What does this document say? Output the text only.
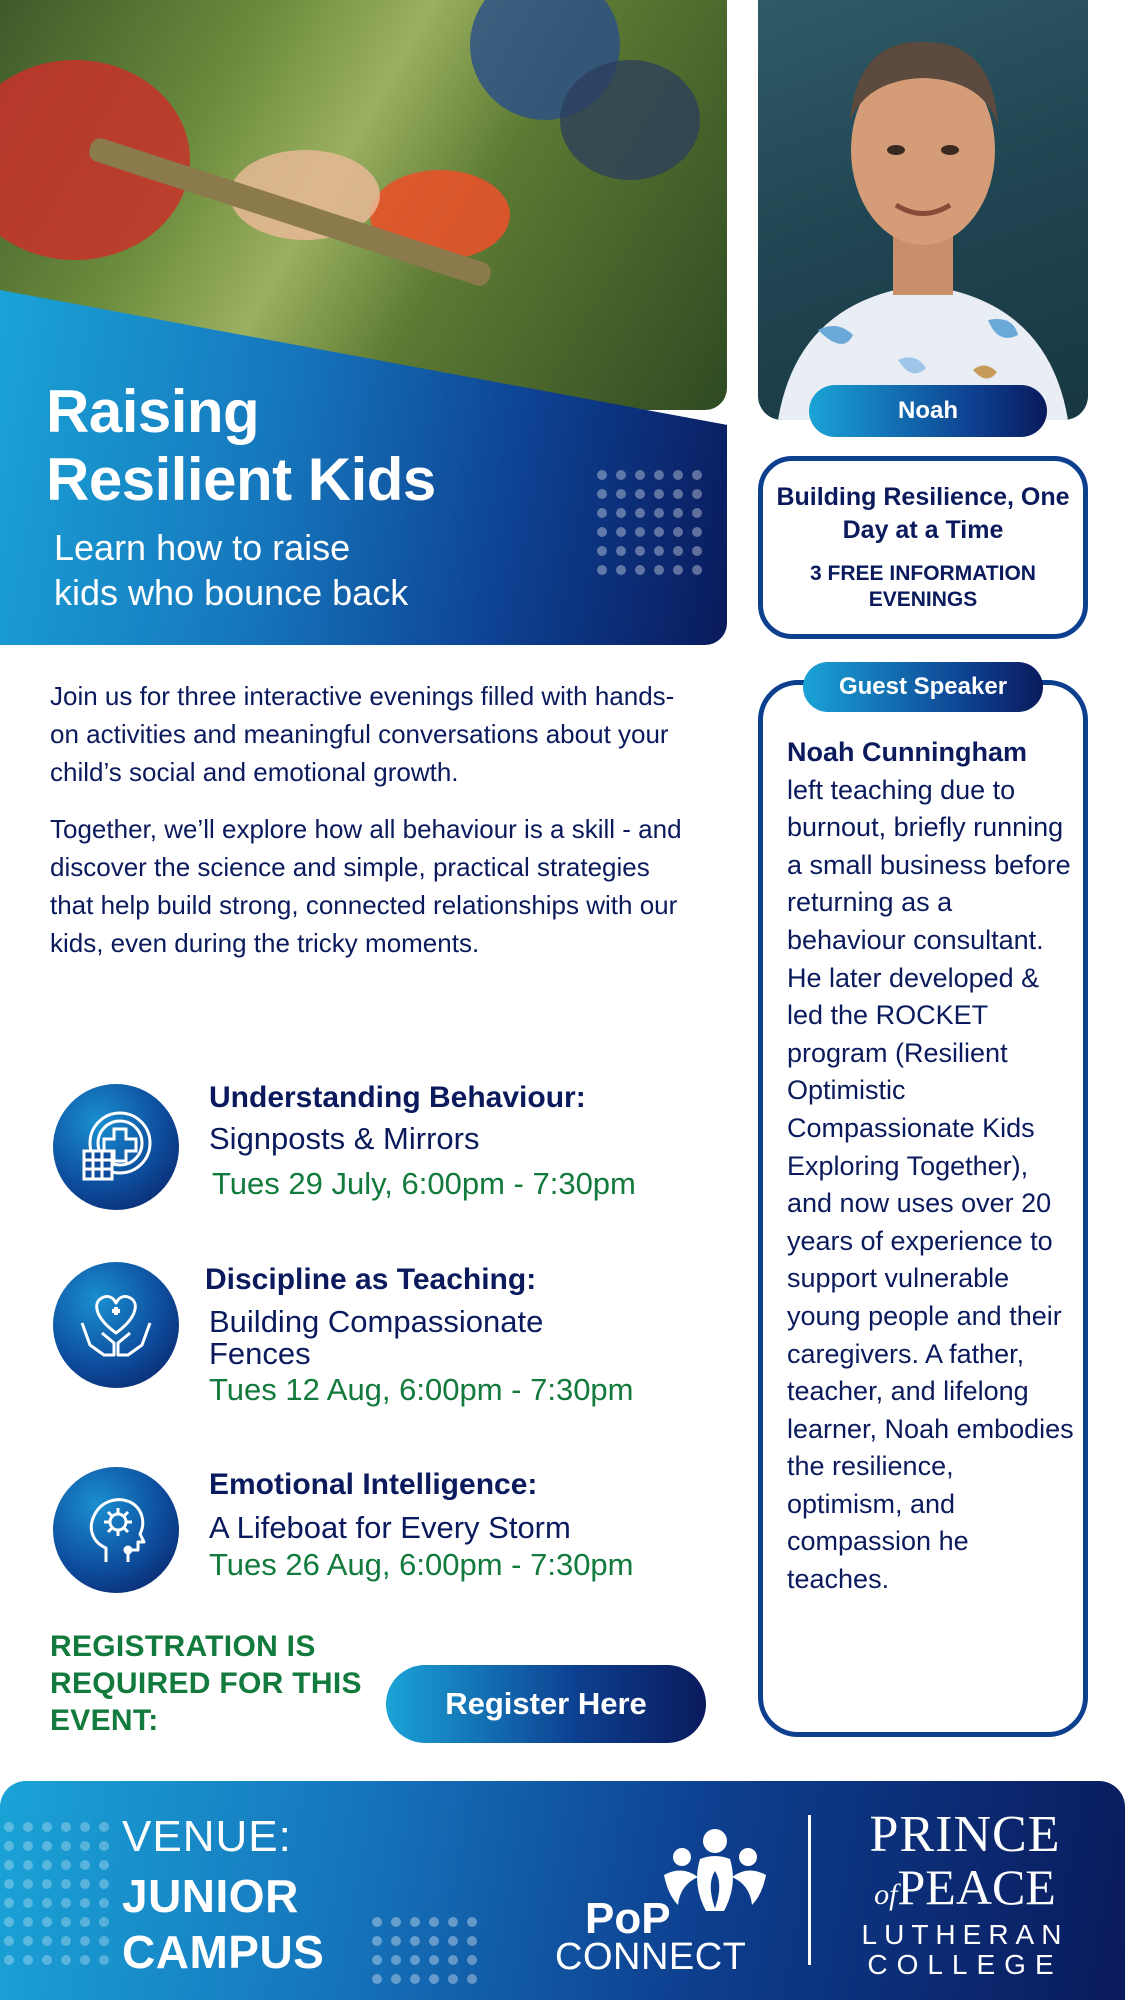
Raising
Resilient Kids
Learn how to raise
kids who bounce back
Noah
Building Resilience, One Day at a Time
3 FREE INFORMATION EVENINGS
Guest Speaker
Noah Cunningham
left teaching due to burnout, briefly running a small business before returning as a behaviour consultant. He later developed & led the ROCKET program (Resilient Optimistic Compassionate Kids Exploring Together), and now uses over 20 years of experience to support vulnerable young people and their caregivers. A father, teacher, and lifelong learner, Noah embodies the resilience, optimism, and compassion he teaches.

Join us for three interactive evenings filled with hands-on activities and meaningful conversations about your child’s social and emotional growth.

Together, we’ll explore how all behaviour is a skill - and discover the science and simple, practical strategies that help build strong, connected relationships with our kids, even during the tricky moments.

Understanding Behaviour:
Signposts & Mirrors
Tues 29 July, 6:00pm - 7:30pm
Discipline as Teaching:
Building Compassionate Fences
Tues 12 Aug, 6:00pm - 7:30pm
Emotional Intelligence:
A Lifeboat for Every Storm
Tues 26 Aug, 6:00pm - 7:30pm
REGISTRATION IS REQUIRED FOR THIS EVENT:	Register Here
VENUE:
JUNIOR
CAMPUS
PoP
CONNECT
PRINCE
ofPEACE
LUTHERAN
COLLEGE
